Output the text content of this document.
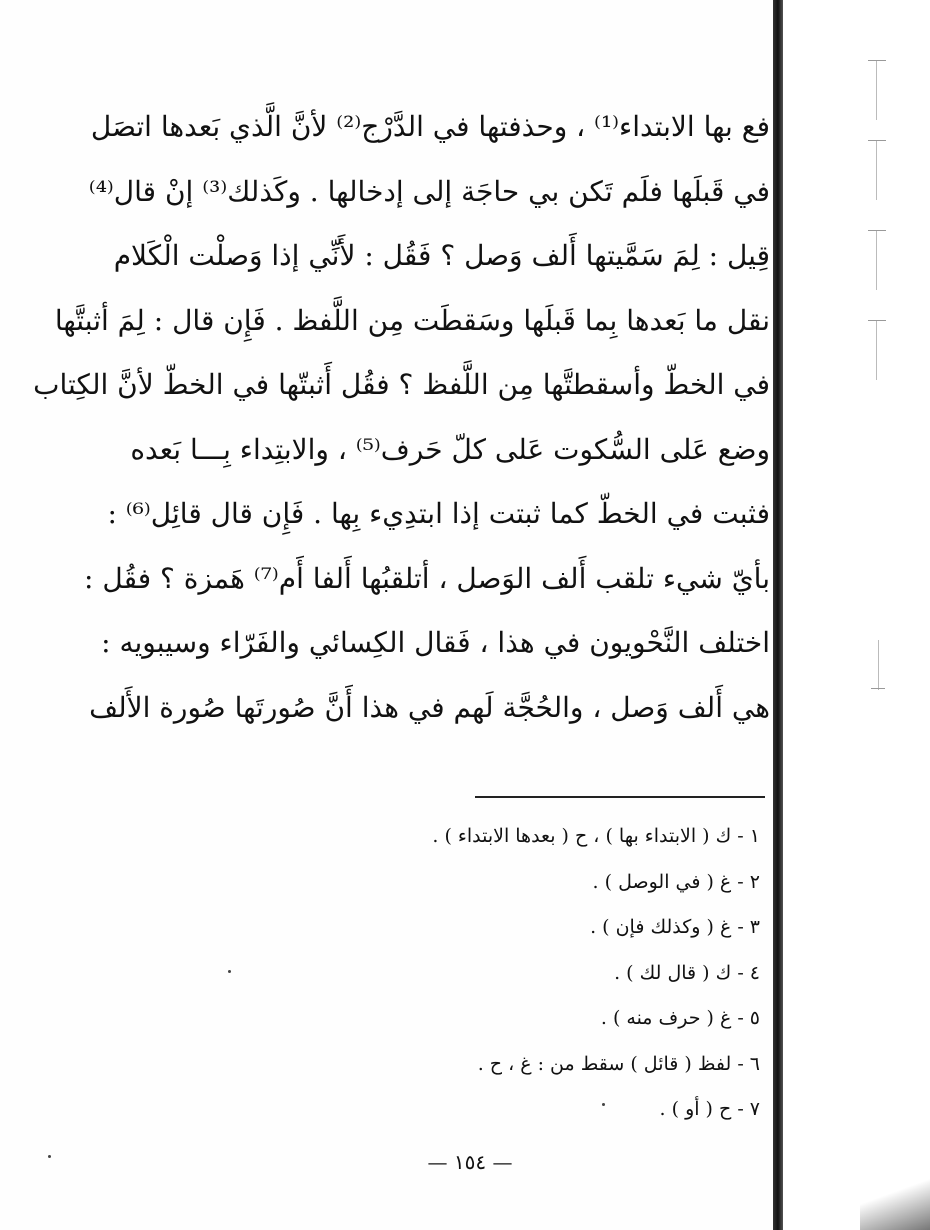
فع بها الابتداء⁽¹⁾ ، وحذفتها في الدَّرْج⁽²⁾ لأنَّ الَّذي بَعدها اتصَل
في قَبلَها فلَم تَكن بي حاجَة إلى إدخالها . وكَذلك⁽³⁾ إنْ قال⁽⁴⁾
قِيل : لِمَ سَمَّيتها أَلف وَصل ؟ فَقُل : لأَنِّي إذا وَصلْت الْكَلام
نقل ما بَعدها بِما قَبلَها وسَقطَت مِن اللَّفظ . فَإِن قال : لِمَ أثبتَّها
في الخطّ وأسقطتَّها مِن اللَّفظ ؟ فقُل أَثبتّها في الخطّ لأنَّ الكِتاب
وضع عَلى السُّكوت عَلى كلّ حَرف⁽⁵⁾ ، والابتِداء بِـــا بَعده
فثبت في الخطّ كما ثبتت إذا ابتدِيء بِها . فَإِن قال قائِل⁽⁶⁾ :
بأيّ شيء تلقب أَلف الوَصل ، أتلقبُها أَلفا أَم⁽⁷⁾ هَمزة ؟ فقُل :
اختلف النَّحْويون في هذا ، فَقال الكِسائي والفَرّاء وسيبويه :
هي أَلف وَصل ، والحُجَّة لَهم في هذا أَنَّ صُورتَها صُورة الأَلف
١ - ك ( الابتداء بها ) ، ح ( بعدها الابتداء ) .
٢ - غ ( في الوصل ) .
٣ - غ ( وكذلك فإن ) .
٤ - ك ( قال لك ) .
٥ - غ ( حرف منه ) .
٦ - لفظ ( قائل ) سقط من : غ ، ح .
٧ - ح ( أو ) .
— ١٥٤ —
